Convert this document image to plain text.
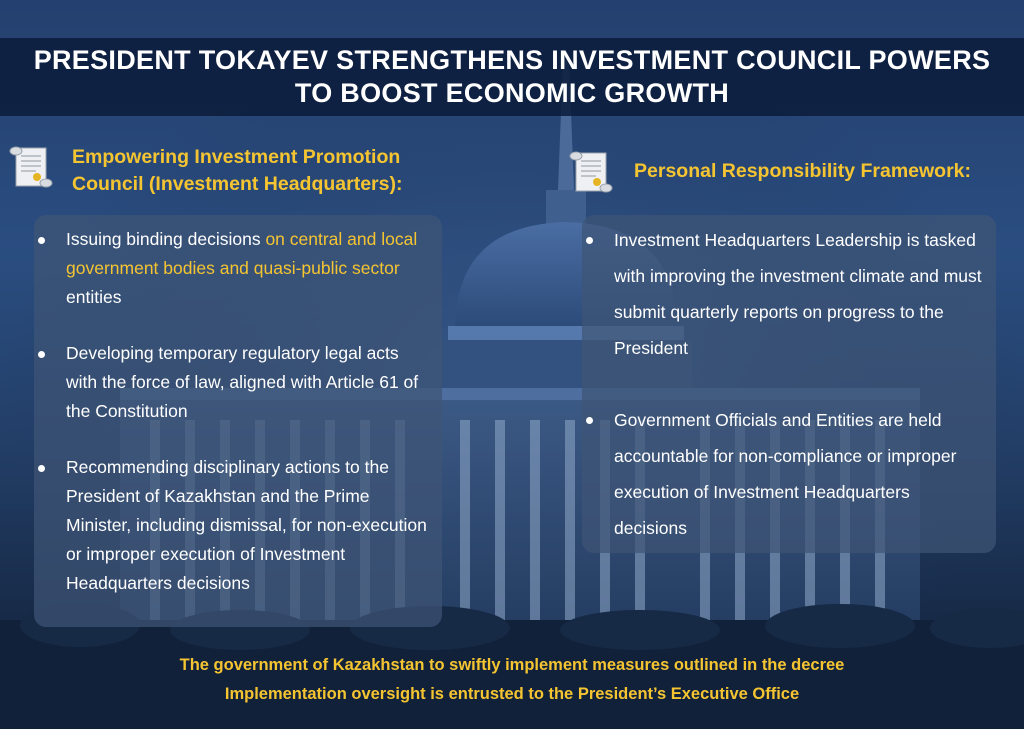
PRESIDENT TOKAYEV STRENGTHENS INVESTMENT COUNCIL POWERS
TO BOOST ECONOMIC GROWTH
Empowering Investment Promotion
Council (Investment Headquarters):
Issuing binding decisions on central and local government bodies and quasi-public sector entities
Developing temporary regulatory legal acts with the force of law, aligned with Article 61 of the Constitution
Recommending disciplinary actions to the President of Kazakhstan and the Prime Minister, including dismissal, for non-execution or improper execution of Investment Headquarters decisions
Personal Responsibility Framework:
Investment Headquarters Leadership is tasked with improving the investment climate and must submit quarterly reports on progress to the President
Government Officials and Entities are held accountable for non-compliance or improper execution of Investment Headquarters decisions
The government of Kazakhstan to swiftly implement measures outlined in the decree
Implementation oversight is entrusted to the President’s Executive Office
